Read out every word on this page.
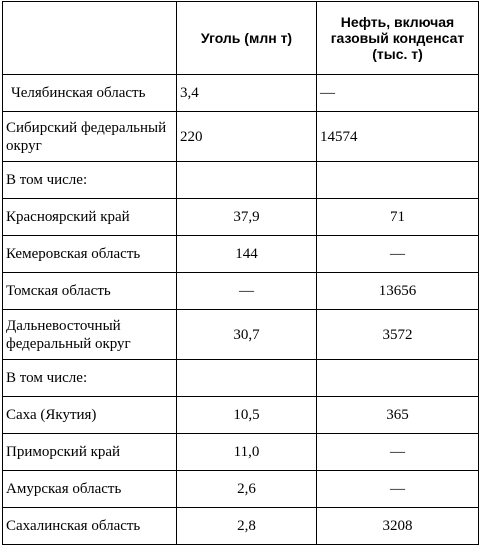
	Уголь (млн т)	Нефть, включая газовый конденсат (тыс. т)
Челябинская область	3,4	—
Сибирский федеральный округ	220	14574
В том числе:		
Красноярский край	37,9	71
Кемеровская область	144	—
Томская область	—	13656
Дальневосточный федеральный округ	30,7	3572
В том числе:		
Саха (Якутия)	10,5	365
Приморский край	11,0	—
Амурская область	2,6	—
Сахалинская область	2,8	3208
